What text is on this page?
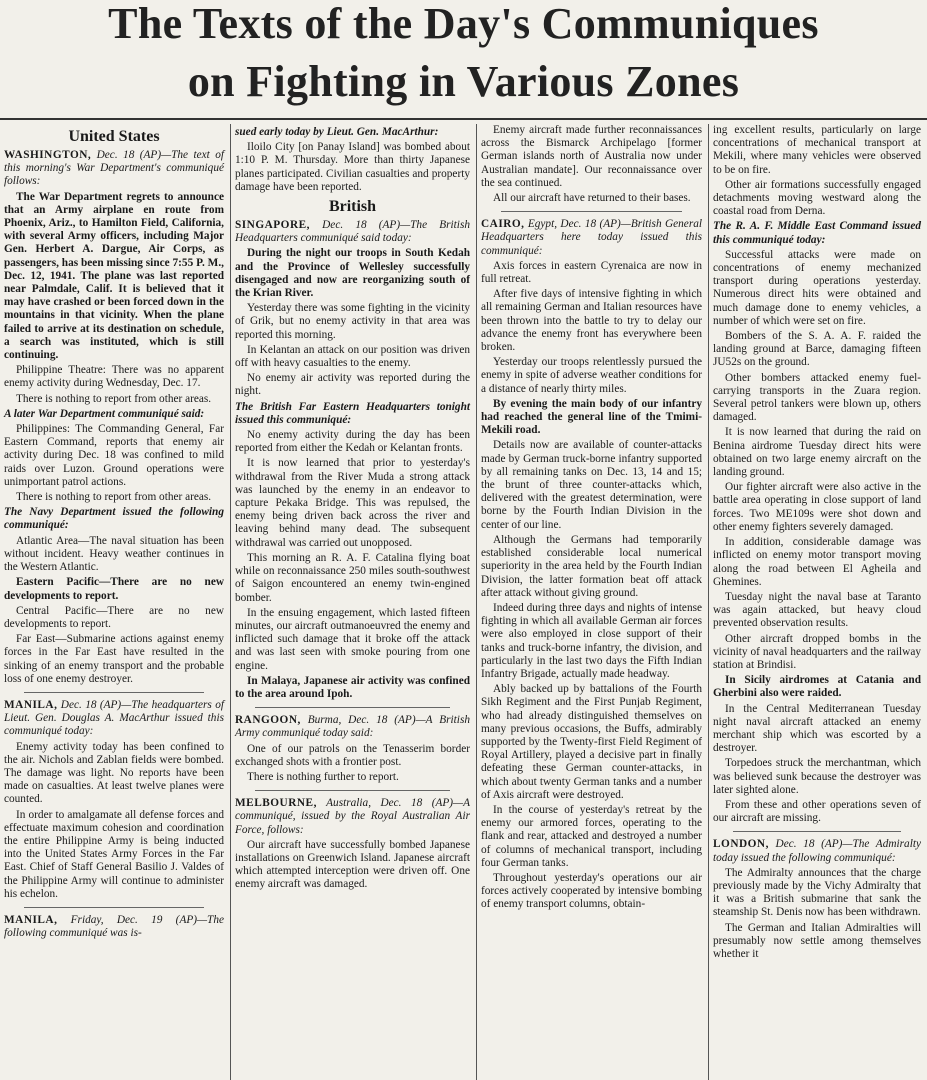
The Texts of the Day's Communiques
on Fighting in Various Zones
United States

WASHINGTON, Dec. 18 (AP)—The text of this morning's War Department's communiqué follows:

The War Department regrets to announce that an Army airplane en route from Phoenix, Ariz., to Hamilton Field, California, with several Army officers, including Major Gen. Herbert A. Dargue, Air Corps, as passengers, has been missing since 7:55 P. M., Dec. 12, 1941. The plane was last reported near Palmdale, Calif. It is believed that it may have crashed or been forced down in the mountains in that vicinity. When the plane failed to arrive at its destination on schedule, a search was instituted, which is still continuing.

Philippine Theatre: There was no apparent enemy activity during Wednesday, Dec. 17.

There is nothing to report from other areas.

A later War Department communiqué said:

Philippines: The Commanding General, Far Eastern Command, reports that enemy air activity during Dec. 18 was confined to mild raids over Luzon. Ground operations were unimportant patrol actions.

There is nothing to report from other areas.

The Navy Department issued the following communiqué:

Atlantic Area—The naval situation has been without incident. Heavy weather continues in the Western Atlantic.

Eastern Pacific—There are no new developments to report.

Central Pacific—There are no new developments to report.

Far East—Submarine actions against enemy forces in the Far East have resulted in the sinking of an enemy transport and the probable loss of one enemy destroyer.

MANILA, Dec. 18 (AP)—The headquarters of Lieut. Gen. Douglas A. MacArthur issued this communiqué today:

Enemy activity today has been confined to the air. Nichols and Zablan fields were bombed. The damage was light. No reports have been made on casualties. At least twelve planes were counted.

In order to amalgamate all defense forces and effectuate maximum cohesion and coordination the entire Philippine Army is being inducted into the United States Army Forces in the Far East. Chief of Staff General Basilio J. Valdes of the Philippine Army will continue to administer his echelon.

MANILA, Friday, Dec. 19 (AP)—The following communiqué was is-

sued early today by Lieut. Gen. MacArthur:

Iloilo City [on Panay Island] was bombed about 1:10 P. M. Thursday. More than thirty Japanese planes participated. Civilian casualties and property damage have been reported.

British

SINGAPORE, Dec. 18 (AP)—The British Headquarters communiqué said today:

During the night our troops in South Kedah and the Province of Wellesley successfully disengaged and now are reorganizing south of the Krian River.

Yesterday there was some fighting in the vicinity of Grik, but no enemy activity in that area was reported this morning.

In Kelantan an attack on our position was driven off with heavy casualties to the enemy.

No enemy air activity was reported during the night.

The British Far Eastern Headquarters tonight issued this communiqué:

No enemy activity during the day has been reported from either the Kedah or Kelantan fronts.

It is now learned that prior to yesterday's withdrawal from the River Muda a strong attack was launched by the enemy in an endeavor to capture Pekaka Bridge. This was repulsed, the enemy being driven back across the river and leaving behind many dead. The subsequent withdrawal was carried out unopposed.

This morning an R. A. F. Catalina flying boat while on reconnaissance 250 miles south-southwest of Saigon encountered an enemy twin-engined bomber.

In the ensuing engagement, which lasted fifteen minutes, our aircraft outmanoeuvred the enemy and inflicted such damage that it broke off the attack and was last seen with smoke pouring from one engine.

In Malaya, Japanese air activity was confined to the area around Ipoh.

RANGOON, Burma, Dec. 18 (AP)—A British Army communiqué today said:

One of our patrols on the Tenasserim border exchanged shots with a frontier post.

There is nothing further to report.

MELBOURNE, Australia, Dec. 18 (AP)—A communiqué, issued by the Royal Australian Air Force, follows:

Our aircraft have successfully bombed Japanese installations on Greenwich Island. Japanese aircraft which attempted interception were driven off. One enemy aircraft was damaged.

Enemy aircraft made further reconnaissances across the Bismarck Archipelago [former German islands north of Australia now under Australian mandate]. Our reconnaissance over the sea continued.

All our aircraft have returned to their bases.

CAIRO, Egypt, Dec. 18 (AP)—British General Headquarters here today issued this communiqué:

Axis forces in eastern Cyrenaica are now in full retreat.

After five days of intensive fighting in which all remaining German and Italian resources have been thrown into the battle to try to delay our advance the enemy front has everywhere been broken.

Yesterday our troops relentlessly pursued the enemy in spite of adverse weather conditions for a distance of nearly thirty miles.

By evening the main body of our infantry had reached the general line of the Tmimi-Mekili road.

Details now are available of counter-attacks made by German truck-borne infantry supported by all remaining tanks on Dec. 13, 14 and 15; the brunt of three counter-attacks which, delivered with the greatest determination, were borne by the Fourth Indian Division in the center of our line.

Although the Germans had temporarily established considerable local numerical superiority in the area held by the Fourth Indian Division, the latter formation beat off attack after attack without giving ground.

Indeed during three days and nights of intense fighting in which all available German air forces were also employed in close support of their tanks and truck-borne infantry, the division, and particularly in the last two days the Fifth Indian Infantry Brigade, actually made headway.

Ably backed up by battalions of the Fourth Sikh Regiment and the First Punjab Regiment, who had already distinguished themselves on many previous occasions, the Buffs, admirably supported by the Twenty-first Field Regiment of Royal Artillery, played a decisive part in finally defeating these German counter-attacks, in which about twenty German tanks and a number of Axis aircraft were destroyed.

In the course of yesterday's retreat by the enemy our armored forces, operating to the flank and rear, attacked and destroyed a number of columns of mechanical transport, including four German tanks.

Throughout yesterday's operations our air forces actively cooperated by intensive bombing of enemy transport columns, obtain-

ing excellent results, particularly on large concentrations of mechanical transport at Mekili, where many vehicles were observed to be on fire.

Other air formations successfully engaged detachments moving westward along the coastal road from Derna.

The R. A. F. Middle East Command issued this communiqué today:

Successful attacks were made on concentrations of enemy mechanized transport during operations yesterday. Numerous direct hits were obtained and much damage done to enemy vehicles, a number of which were set on fire.

Bombers of the S. A. A. F. raided the landing ground at Barce, damaging fifteen JU52s on the ground.

Other bombers attacked enemy fuel-carrying transports in the Zuara region. Several petrol tankers were blown up, others damaged.

It is now learned that during the raid on Benina airdrome Tuesday direct hits were obtained on two large enemy aircraft on the landing ground.

Our fighter aircraft were also active in the battle area operating in close support of land forces. Two ME109s were shot down and other enemy fighters severely damaged.

In addition, considerable damage was inflicted on enemy motor transport moving along the road between El Agheila and Ghemines.

Tuesday night the naval base at Taranto was again attacked, but heavy cloud prevented observation results.

Other aircraft dropped bombs in the vicinity of naval headquarters and the railway station at Brindisi.

In Sicily airdromes at Catania and Gherbini also were raided.

In the Central Mediterranean Tuesday night naval aircraft attacked an enemy merchant ship which was escorted by a destroyer.

Torpedoes struck the merchantman, which was believed sunk because the destroyer was later sighted alone.

From these and other operations seven of our aircraft are missing.

LONDON, Dec. 18 (AP)—The Admiralty today issued the following communiqué:

The Admiralty announces that the charge previously made by the Vichy Admiralty that it was a British submarine that sank the steamship St. Denis now has been withdrawn.

The German and Italian Admiralties will presumably now settle among themselves whether it
